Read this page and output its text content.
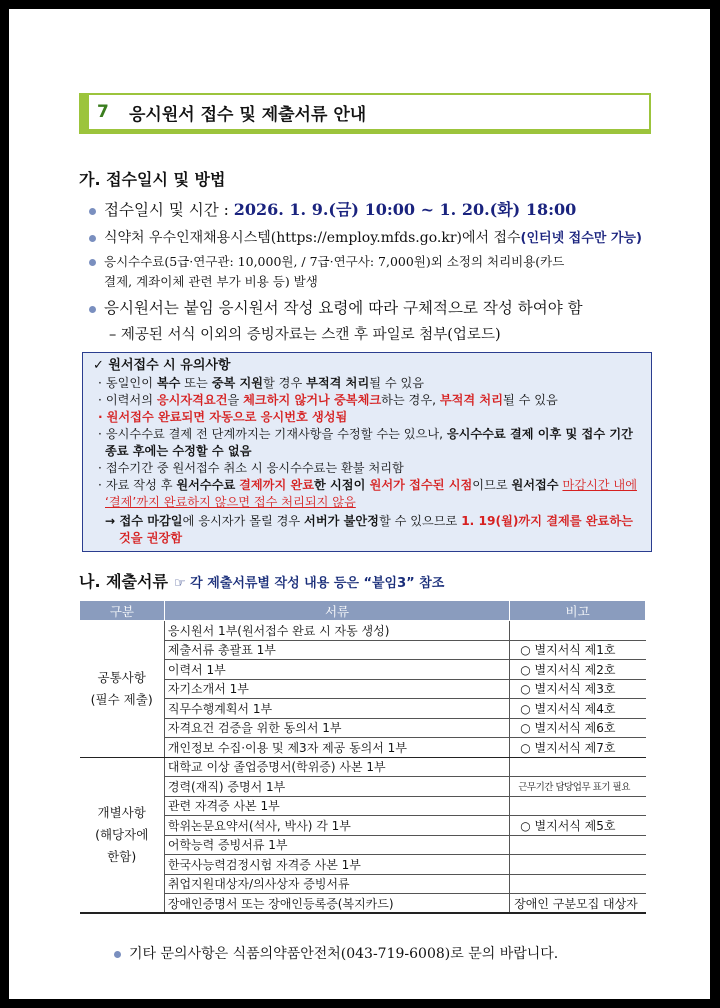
7	응시원서 접수 및 제출서류 안내
가. 접수일시 및 방법
접수일시 및 시간 : 2026. 1. 9.(금) 10:00 ~ 1. 20.(화) 18:00
식약처 우수인재채용시스템(https://employ.mfds.go.kr)에서 접수(인터넷 접수만 가능)
응시수수료(5급·연구관: 10,000원, / 7급·연구사: 7,000원)외 소정의 처리비용(카드
결제, 계좌이체 관련 부가 비용 등) 발생
응시원서는 붙임 응시원서 작성 요령에 따라 구체적으로 작성 하여야 함
– 제공된 서식 이외의 증빙자료는 스캔 후 파일로 첨부(업로드)
✓ 원서접수 시 유의사항
· 동일인이 복수 또는 중복 지원할 경우 부적격 처리될 수 있음
· 이력서의 응시자격요건을 체크하지 않거나 중복체크하는 경우, 부적격 처리될 수 있음
· 원서접수 완료되면 자동으로 응시번호 생성됨
· 응시수수료 결제 전 단계까지는 기재사항을 수정할 수는 있으나, 응시수수료 결제 이후 및 접수 기간 종료 후에는 수정할 수 없음
· 접수기간 중 원서접수 취소 시 응시수수료는 환불 처리함
· 자료 작성 후 원서수수료 결제까지 완료한 시점이 원서가 접수된 시점이므로 원서접수 마감시간 내에 ‘결제’까지 완료하지 않으면 접수 처리되지 않음
→ 접수 마감일에 응시자가 몰릴 경우 서버가 불안정할 수 있으므로 1. 19(월)까지 결제를 완료하는 것을 권장함
나. 제출서류 ☞ 각 제출서류별 작성 내용 등은 “붙임3” 참조
구분	서류	비고

공통사항
(필수 제출)	응시원서 1부(원서접수 완료 시 자동 생성)	
	제출서류 총괄표 1부	○ 별지서식 제1호
	이력서 1부	○ 별지서식 제2호
	자기소개서 1부	○ 별지서식 제3호
	직무수행계획서 1부	○ 별지서식 제4호
	자격요건 검증을 위한 동의서 1부	○ 별지서식 제6호
	개인정보 수집·이용 및 제3자 제공 동의서 1부	○ 별지서식 제7호

개별사항
(해당자에
한함)	대학교 이상 졸업증명서(학위증) 사본 1부	
	경력(재직) 증명서 1부	근무기간 담당업무 표기 필요
	관련 자격증 사본 1부	
	학위논문요약서(석사, 박사) 각 1부	○ 별지서식 제5호
	어학능력 증빙서류 1부	
	한국사능력검정시험 자격증 사본 1부	
	취업지원대상자/의사상자 증빙서류	
	장애인증명서 또는 장애인등록증(복지카드)	장애인 구분모집 대상자
기타 문의사항은 식품의약품안전처(043-719-6008)로 문의 바랍니다.
